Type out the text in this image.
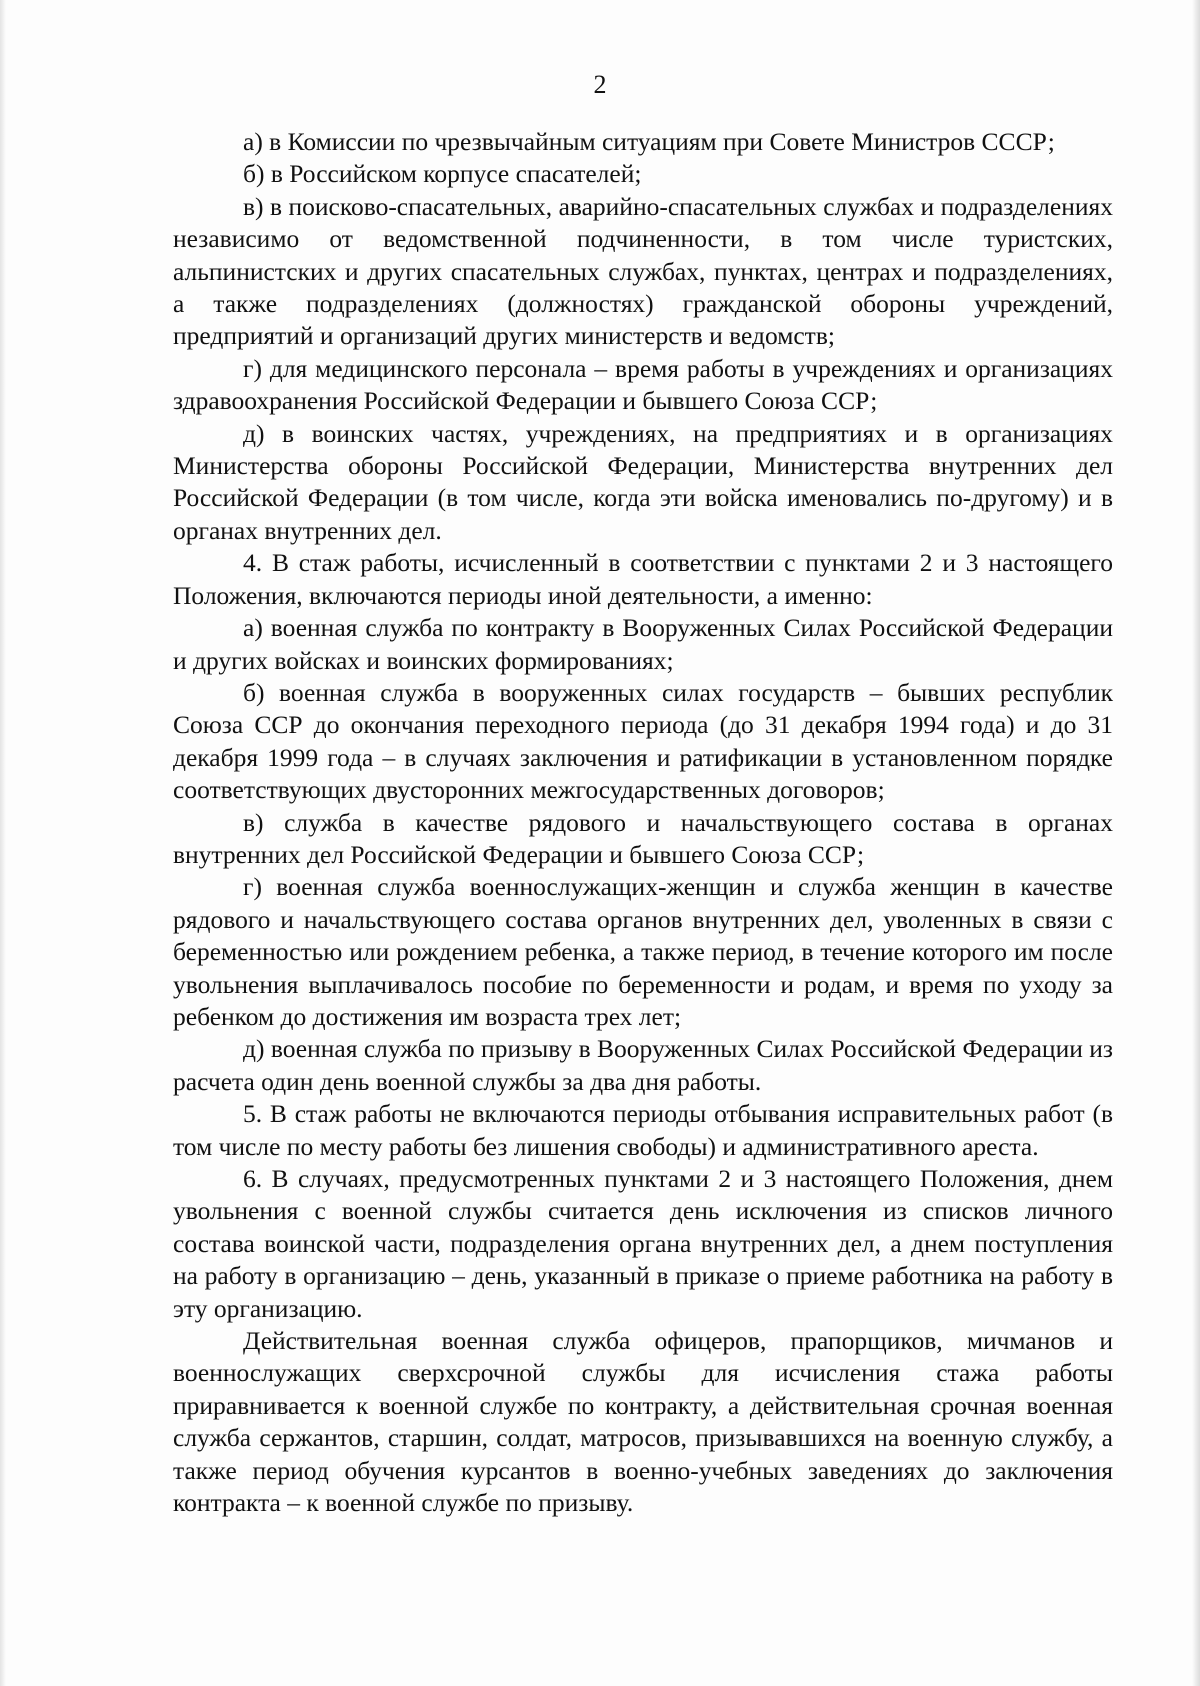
2

а) в Комиссии по чрезвычайным ситуациям при Совете Министров СССР;

б) в Российском корпусе спасателей;

в) в поисково-спасательных, аварийно-спасательных службах и подразделениях независимо от ведомственной подчиненности, в том числе туристских, альпинистских и других спасательных службах, пунктах, центрах и подразделениях, а также подразделениях (должностях) гражданской обороны учреждений, предприятий и организаций других министерств и ведомств;

г) для медицинского персонала – время работы в учреждениях и организациях здравоохранения Российской Федерации и бывшего Союза ССР;

д) в воинских частях, учреждениях, на предприятиях и в организациях Министерства обороны Российской Федерации, Министерства внутренних дел Российской Федерации (в том числе, когда эти войска именовались по-другому) и в органах внутренних дел.

4. В стаж работы, исчисленный в соответствии с пунктами 2 и 3 настоящего Положения, включаются периоды иной деятельности, а именно:

а) военная служба по контракту в Вооруженных Силах Российской Федерации и других войсках и воинских формированиях;

б) военная служба в вооруженных силах государств – бывших республик Союза ССР до окончания переходного периода (до 31 декабря 1994 года) и до 31 декабря 1999 года – в случаях заключения и ратификации в установленном порядке соответствующих двусторонних межгосударственных договоров;

в) служба в качестве рядового и начальствующего состава в органах внутренних дел Российской Федерации и бывшего Союза ССР;

г) военная служба военнослужащих-женщин и служба женщин в качестве рядового и начальствующего состава органов внутренних дел, уволенных в связи с беременностью или рождением ребенка, а также период, в течение которого им после увольнения выплачивалось пособие по беременности и родам, и время по уходу за ребенком до достижения им возраста трех лет;

д) военная служба по призыву в Вооруженных Силах Российской Федерации из расчета один день военной службы за два дня работы.

5. В стаж работы не включаются периоды отбывания исправительных работ (в том числе по месту работы без лишения свободы) и административного ареста.

6. В случаях, предусмотренных пунктами 2 и 3 настоящего Положения, днем увольнения с военной службы считается день исключения из списков личного состава воинской части, подразделения органа внутренних дел, а днем поступления на работу в организацию – день, указанный в приказе о приеме работника на работу в эту организацию.

Действительная военная служба офицеров, прапорщиков, мичманов и военнослужащих сверхсрочной службы для исчисления стажа работы приравнивается к военной службе по контракту, а действительная срочная военная служба сержантов, старшин, солдат, матросов, призывавшихся на военную службу, а также период обучения курсантов в военно-учебных заведениях до заключения контракта – к военной службе по призыву.
